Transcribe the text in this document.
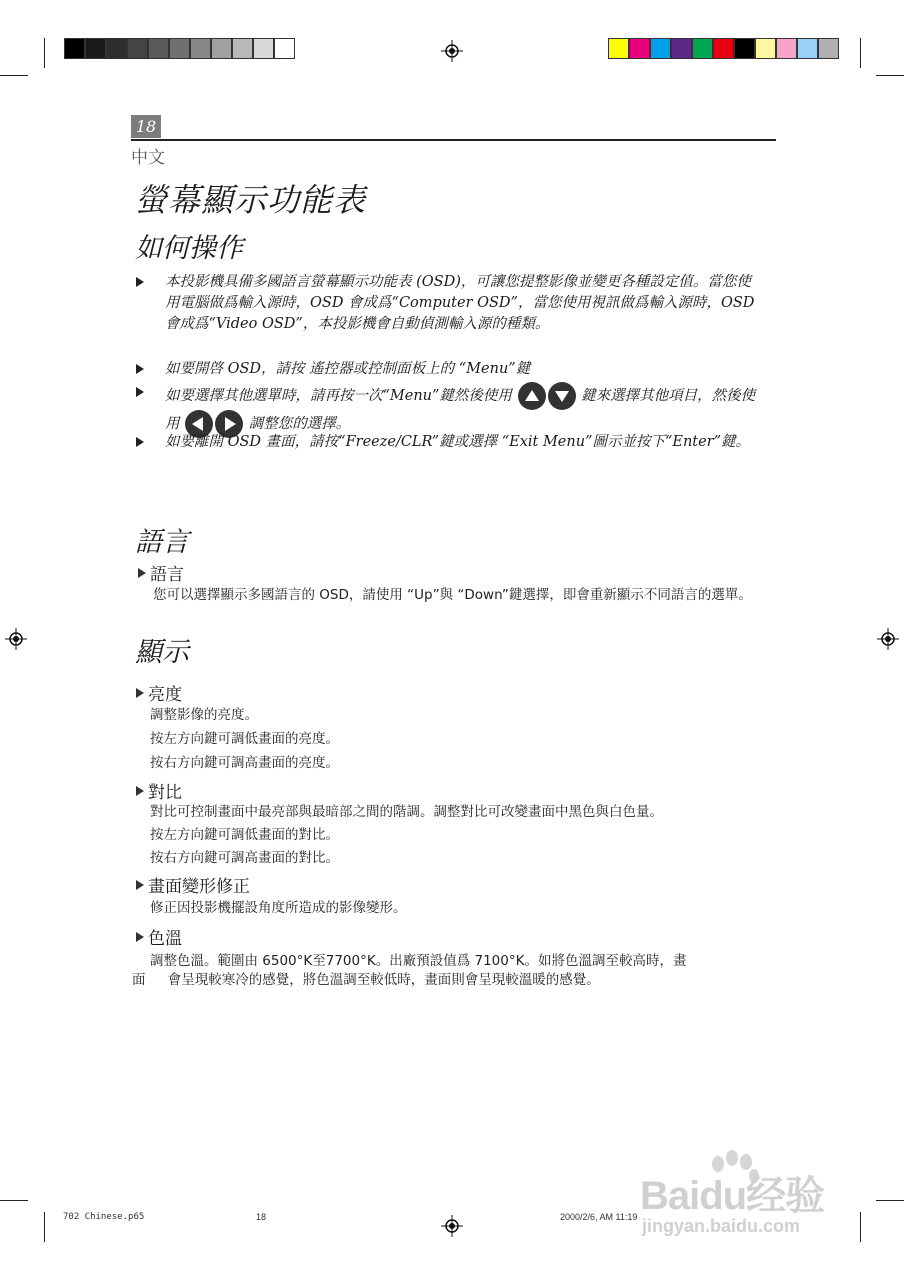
18
中文
螢幕顯示功能表
如何操作
本投影機具備多國語言螢幕顯示功能表 (OSD)，可讓您提整影像並變更各種設定值。當您使用電腦做爲輸入源時，OSD 會成爲“Computer OSD”，當您使用視訊做爲輸入源時，OSD會成爲“Video OSD”，本投影機會自動偵測輸入源的種類。
如要開啓 OSD，請按 遙控器或控制面板上的 “Menu”鍵
如要選擇其他選單時，請再按一次“Menu”鍵然後使用	鍵來選擇其他項目，然後使用	調整您的選擇。
如要離開 OSD 畫面，請按“Freeze/CLR”鍵或選擇 “Exit Menu”圖示並按下“Enter”鍵。
語言
語言
您可以選擇顯示多國語言的 OSD，請使用 “Up”與 “Down”鍵選擇，即會重新顯示不同語言的選單。
顯示
亮度
調整影像的亮度。
按左方向鍵可調低畫面的亮度。
按右方向鍵可調高畫面的亮度。
對比
對比可控制畫面中最亮部與最暗部之間的階調。調整對比可改變畫面中黑色與白色量。
按左方向鍵可調低畫面的對比。
按右方向鍵可調高畫面的對比。
畫面變形修正
修正因投影機擺設角度所造成的影像變形。
色溫
調整色溫。範圍由 6500°K至7700°K。出廠預設值爲 7100°K。如將色溫調至較高時，畫
面 會呈現較寒冷的感覺，將色溫調至較低時，畫面則會呈現較溫暖的感覺。
702 Chinese.p65	18	2000/2/6, AM 11:19 Baidu经验
jingyan.baidu.com
